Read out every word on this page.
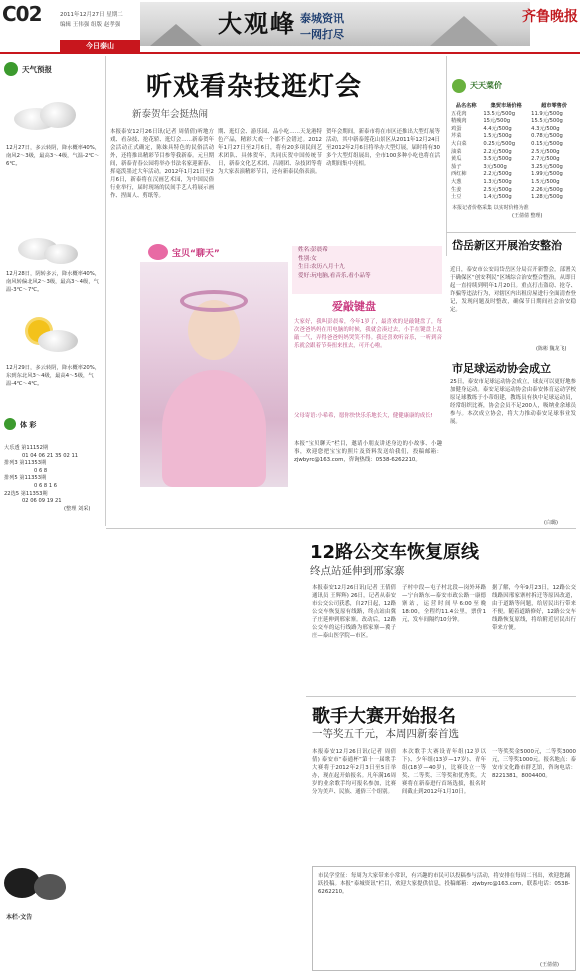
C02	2011年12月27日 星期二
编辑 王伟强 组版 赵孝强	大观峰 泰城资讯
一网打尽
齐鲁晚报
今日泰山
天气预报
12月27日，多云转阴，降水概率40%，南风2～3级，最高3～4级，气温-2℃～6℃。
12月28日，阴转多云，降水概率40%，南风转偏北风2～3级，最高3～4级，气温-3℃～7℃。
12月29日，多云转阴，降水概率20%，东到东北风3～4级，最高4～5级，气温-4℃～4℃。
体 彩
大乐透 第11152期
01 04 06 21 35 02 11
排列3 第11353期
0 6 8
排列5 第11353期
0 6 8 1 6
22选5 第11353期
02 06 09 19 21
(整理 刘采)
听戏看杂技逛灯会
新泰贺年会挺热闹
本报泰安12月26日讯(记者 周倩倩)听地方戏、看杂技、抢花轿、逛灯会……新泰贺年会活动正式确定，陈妹具特色的民俗活动外，还将推出精彩节目参等我新泰。元旦期间，新泰青春公园将举办书法名家迎新春、挥毫泼墨过大年活动。2012年1月21日至2月6日，新泰将在汉画艺术园，为中国民俗行业举行，届时现场的民间手艺人将展示画作、捏面人、剪纸等。
期、逛灯会、游乐园、品小吃……天龙港特色产品，精彩大戏一个都不会错过。2012年1月27日至2月6日，将有20多项民间艺术团队、具体贺年，共同庆贺中国传统节日，新泰文化艺术团、吕剧团、杂技团等将为大家表演精彩节目，还有新泰民俗表演。
贺年会期间，新泰市将在市区还推出大型灯展等活动，其中新泰莲花山景区从2011年12月24日至2012年2月6日将举办大型灯展，届时将有30多个大型灯组展出，全市100多种小吃也将在活动期间集中亮相。
天天菜价
品名名称	集贸市场价格	超市零售价
五花肉	13.5元/500g	11.9元/500g
精瘦肉	15元/500g	15.5元/500g
鸡蛋	4.4元/500g	4.3元/500g
芹菜	1.5元/500g	0.78元/500g
大白菜	0.25元/500g	0.15元/500g
油菜	2.2元/500g	2.5元/500g
黄瓜	3.5元/500g	2.7元/500g
茄子	3元/500g	3.25元/500g
西红柿	2.2元/500g	1.99元/500g
大葱	1.3元/500g	1.5元/500g
生姜	2.5元/500g	2.26元/500g
土豆	1.4元/500g	1.28元/500g
本报记者价格采集 以实时价格为准
(王倩倩 整理)
岱岳新区开展治安整治
近日，泰安市公安局岱岳区分局召开新警会，部署关于确保区“创安利民”区域综合治安整合整治。从即日起一直持续到明年1月20日。重点打击盗窃、抢夺、诈骗等违法行为，对辖区内出租房屋进行全面清查登记，发现问题及时整改，确保节日期间社会治安稳定。
(陈彬 魏龙飞)
市足球运动协会成立
25日，泰安市足球运动协会成立，球友可以更好地参加健身运动。泰安足球运动协会由泰安体育运动学校原足球教练于小蒂组建，教练员有执中足球运动员，经常组织比赛，协会会员不足200人，吸纳业余球员参与。本次成立协会，将大力推动泰安足球事业发展。
(白璐)
宝贝“聊天”	姓名:彭晨希
性别:女
生日:农历八月十九
爱好:玩电脑,看音乐,看小品等
爱敲键盘
大家好，我叫彭晨希，今年1岁了，最喜欢的是敲键盘了，每次爸爸妈妈在用电脑的时候，我就会凑过去，小手在键盘上乱敲一气，弄得爸爸妈妈哭笑不得。我还喜欢听音乐，一听到音乐就会跟着节奏扭来扭去，可开心啦。
父母寄语:小希希，愿你快快乐乐地长大，健健康康的成长!
本报“宝贝聊天”栏目，邀请小朋友讲述身边的小故事、小趣事，欢迎您把宝宝的照片及资料发送给我们，投稿邮箱：zjwbyrc@163.com，咨询热线：0538-6262210。
12路公交车恢复原线
终点站延伸到邢家寨
本报泰安12月26日讯(记者 王倩倩 通讯员 王辉辉) 26日，记者从泰安市公交公司获悉，自27日起，12路公交车恢复原有线路，终点站由冀子庄延伸到邢家寨。改动后，12路公交车的运行线路为邢家寨—冀子庄—泰山医学院—市区。
子村中段—屯子村北段—岗外环路—宁台路东—泰安市政公路一康德寨站，运营时间早6:00至晚18:00，全程约11.4公里，票价1元，发车间隔约10分钟。
据了解，今年9月23日，12路公交线路因邢家寨村拆迁等原因改道，由于道路等问题，给居民出行带来不便。随着道路修好，12路公交车线路恢复原线，将给附近居民出行带来方便。
歌手大赛开始报名
一等奖五千元，本周四新泰首选
本报泰安12月26日讯(记者 周倩倩) 泰安市“泰通杯”第十一届歌手大赛将于2012年2月3日至5日举办，现在起开始报名。凡年满16周岁的业余歌手均可报名参加，比赛分为美声、民族、通俗三个组别。
本次歌手大赛设青年组(12岁以下)、少年组(13岁—17岁)、青年组(18岁—40岁)，比赛设立一等奖、二等奖、三等奖和优秀奖。大赛将在新泰进行首场选拔，报名时间截止到2012年1月10日。
一等奖奖金5000元，二等奖3000元，三等奖1000元。报名地点：泰安市文化路市群艺馆，咨询电话：8221381，8004400。
本栏·文告
市民学堂征：每周为大家带来小常识，有兴趣的市民可以投稿参与活动，将安排在每周二刊出，欢迎您踊跃投稿。本报“泰城资讯”栏目，欢迎大家提供信息，投稿邮箱：zjwbyrc@163.com，联系电话：0538-6262210。
(王倩倩)
